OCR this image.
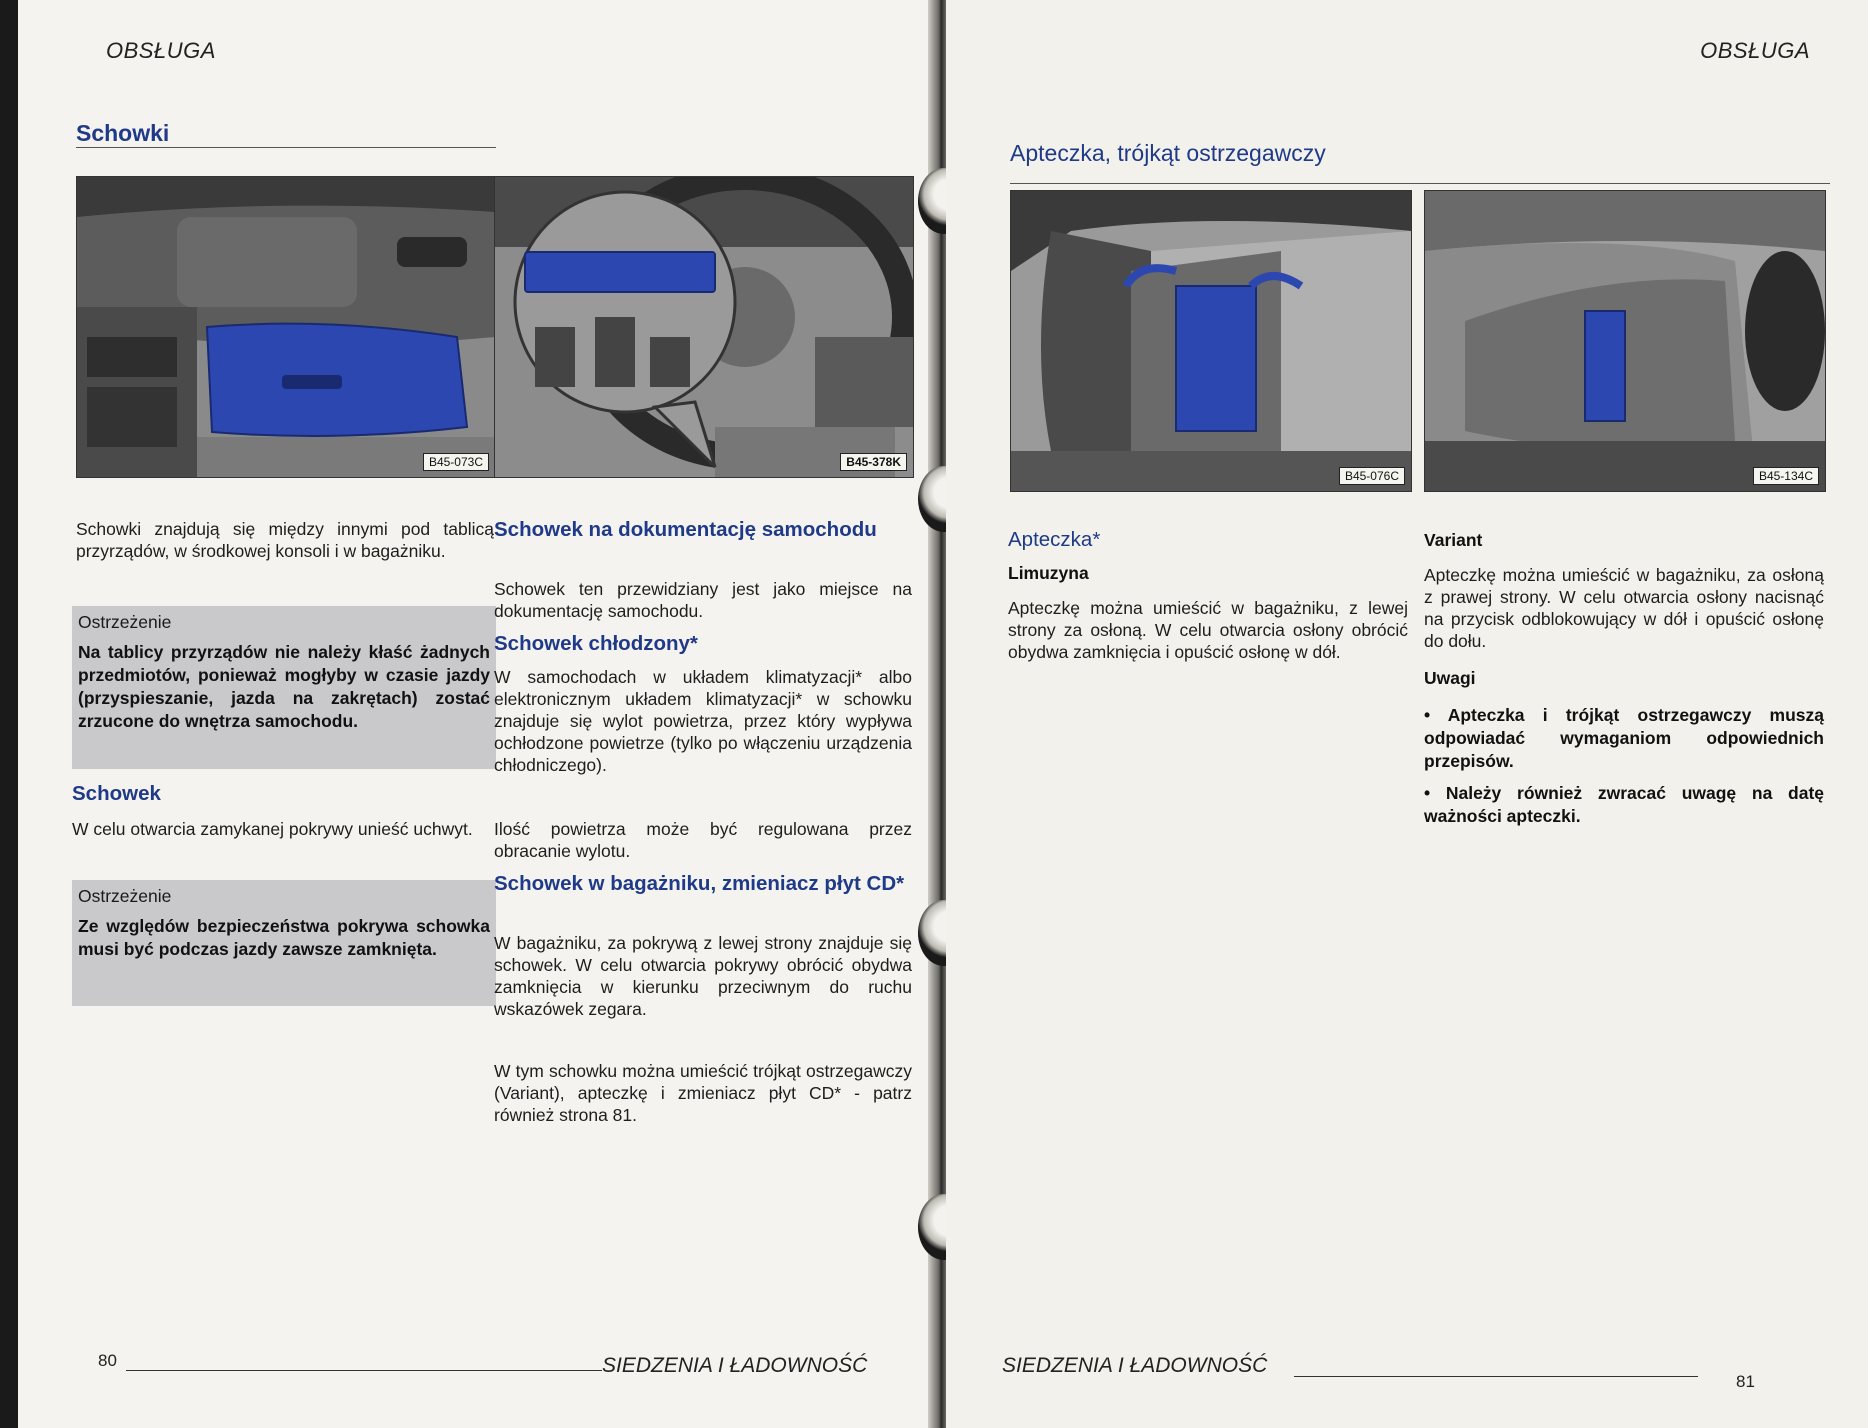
OBSŁUGA
Schowki
B45-073C	B45-378K
Schowki znajdują się między innymi pod tablicą przyrządów, w środkowej konsoli i w bagażniku.
Ostrzeżenie
Na tablicy przyrządów nie należy kłaść żadnych przedmiotów, ponieważ mogłyby w czasie jazdy (przyspieszanie, jazda na zakrętach) zostać zrzucone do wnętrza samochodu.
Schowek
W celu otwarcia zamykanej pokrywy unieść uchwyt.
Ostrzeżenie
Ze względów bezpieczeństwa pokrywa schowka musi być podczas jazdy zawsze zamknięta.
Schowek na dokumentację samochodu
Schowek ten przewidziany jest jako miejsce na dokumentację samochodu.
Schowek chłodzony*
W samochodach w układem klimatyzacji* albo elektronicznym układem klimatyzacji* w schowku znajduje się wylot powietrza, przez który wypływa ochłodzone powietrze (tylko po włączeniu urządzenia chłodniczego).
Ilość powietrza może być regulowana przez obracanie wylotu.
Schowek w bagażniku, zmieniacz płyt CD*
W bagażniku, za pokrywą z lewej strony znajduje się schowek. W celu otwarcia pokrywy obrócić obydwa zamknięcia w kierunku przeciwnym do ruchu wskazówek zegara.
W tym schowku można umieścić trójkąt ostrzegawczy (Variant), apteczkę i zmieniacz płyt CD* - patrz również strona 81.
80	SIEDZENIA I ŁADOWNOŚĆ
OBSŁUGA
Apteczka, trójkąt ostrzegawczy
B45-076C	B45-134C
Apteczka*
Limuzyna
Apteczkę można umieścić w bagażniku, z lewej strony za osłoną. W celu otwarcia osłony obrócić obydwa zamknięcia i opuścić osłonę w dół.
Variant
Apteczkę można umieścić w bagażniku, za osłoną z prawej strony. W celu otwarcia osłony nacisnąć na przycisk odblokowujący w dół i opuścić osłonę do dołu.
Uwagi
• Apteczka i trójkąt ostrzegawczy muszą odpowiadać wymaganiom odpowiednich przepisów.
• Należy również zwracać uwagę na datę ważności apteczki.
SIEDZENIA I ŁADOWNOŚĆ
81
